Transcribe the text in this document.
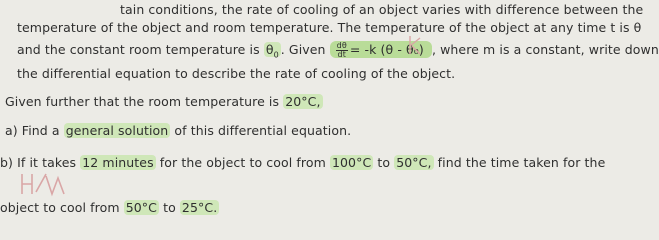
tain conditions, the rate of cooling of an object varies with difference between the
temperature of the object and room temperature. The temperature of the object at any time t is θ
and the constant room temperature is $\theta_0$ . Given $\frac{d\theta}{dt} = -k$ (θ - θ₀) , where m is a constant, write down
the differential equation to describe the rate of cooling of the object.
Given further that the room temperature is 20°C,
a) Find a general solution of this differential equation.
b) If it takes 12 minutes for the object to cool from 100°C to 50°C, find the time taken for the
object to cool from 50°C to 25°C.
